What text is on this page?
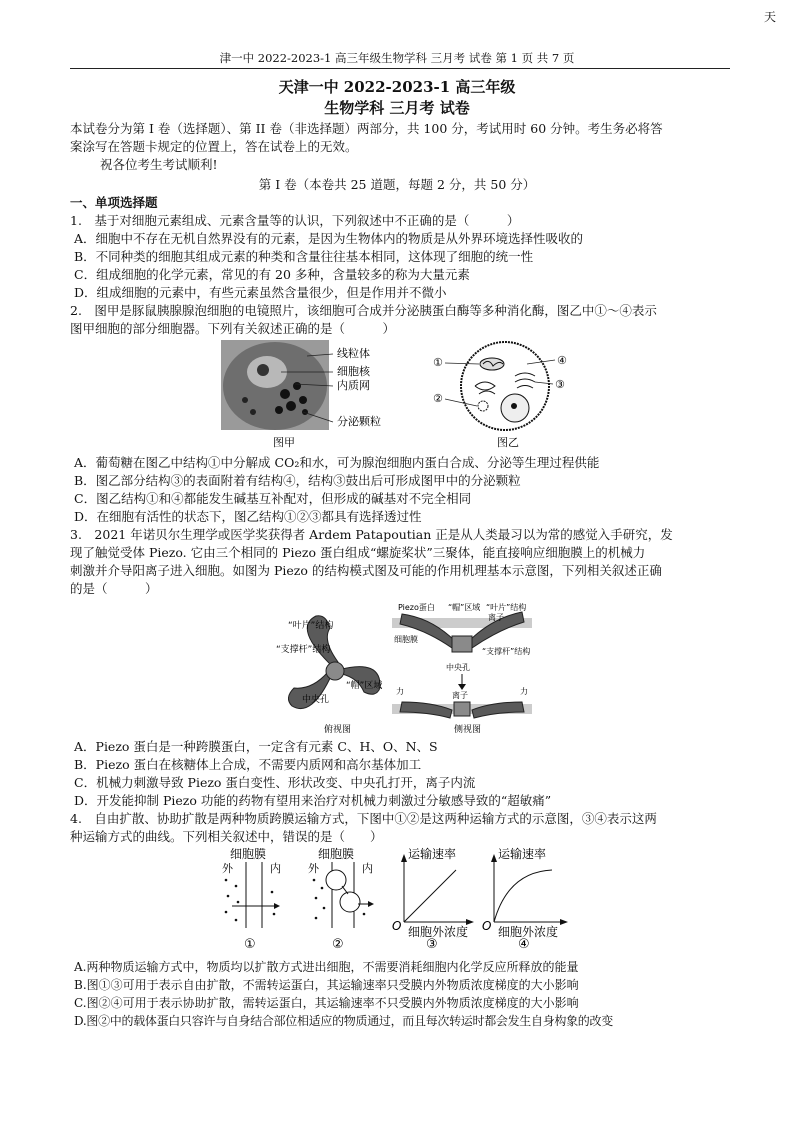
天
津一中 2022-2023-1 高三年级生物学科 三月考 试卷 第 1 页 共 7 页
天津一中 2022-2023-1 高三年级
生物学科 三月考 试卷
本试卷分为第 I 卷（选择题）、第 II 卷（非选择题）两部分，共 100 分，考试用时 60 分钟。考生务必将答
案涂写在答题卡规定的位置上，答在试卷上的无效。
祝各位考生考试顺利!
第 I 卷（本卷共 25 道题，每题 2 分，共 50 分）
一、单项选择题
1.　基于对细胞元素组成、元素含量等的认识，下列叙述中不正确的是（　　　）
A．细胞中不存在无机自然界没有的元素，是因为生物体内的物质是从外界环境选择性吸收的
B．不同种类的细胞其组成元素的种类和含量往往基本相同，这体现了细胞的统一性
C．组成细胞的化学元素，常见的有 20 多种，含量较多的称为大量元素
D．组成细胞的元素中，有些元素虽然含量很少，但是作用并不微小
2.　图甲是豚鼠胰腺腺泡细胞的电镜照片，该细胞可合成并分泌胰蛋白酶等多种消化酶，图乙中①～④表示
图甲细胞的部分细胞器。下列有关叙述正确的是（　　　）
线粒体
细胞核
内质网
分泌颗粒
图甲
①
②
③
④
图乙
A．葡萄糖在图乙中结构①中分解成 CO₂和水，可为腺泡细胞内蛋白合成、分泌等生理过程供能
B．图乙部分结构③的表面附着有结构④，结构③鼓出后可形成图甲中的分泌颗粒
C．图乙结构①和④都能发生碱基互补配对，但形成的碱基对不完全相同
D．在细胞有活性的状态下，图乙结构①②③都具有选择透过性
3.　2021 年诺贝尔生理学或医学奖获得者 Ardem Patapoutian 正是从人类最习以为常的感觉入手研究，发
现了触觉受体 Piezo. 它由三个相同的 Piezo 蛋白组成“螺旋桨状”三聚体，能直接响应细胞膜上的机械力
刺激并介导阳离子进入细胞。如图为 Piezo 的结构模式图及可能的作用机理基本示意图，下列相关叙述正确
的是（　　　）
“叶片”结构
“支撑杆”结构
“帽”区域
中央孔
俯视图
Piezo蛋白 “帽”区域 “叶片”结构
离子
细胞膜
“支撑杆”结构
中央孔
离子
力	力
侧视图
A．Piezo 蛋白是一种跨膜蛋白，一定含有元素 C、H、O、N、S
B．Piezo 蛋白在核糖体上合成，不需要内质网和高尔基体加工
C．机械力刺激导致 Piezo 蛋白变性、形状改变、中央孔打开，离子内流
D．开发能抑制 Piezo 功能的药物有望用来治疗对机械力刺激过分敏感导致的“超敏痛”
4.　自由扩散、协助扩散是两种物质跨膜运输方式，下图中①②是这两种运输方式的示意图，③④表示这两
种运输方式的曲线。下列相关叙述中，错误的是（　　）
细胞膜
外	内
①
细胞膜
外	内
②
运输速率
细胞外浓度
O
③
运输速率
细胞外浓度
O
④
A.两种物质运输方式中，物质均以扩散方式进出细胞，不需要消耗细胞内化学反应所释放的能量
B.图①③可用于表示自由扩散，不需转运蛋白，其运输速率只受膜内外物质浓度梯度的大小影响
C.图②④可用于表示协助扩散，需转运蛋白，其运输速率不只受膜内外物质浓度梯度的大小影响
D.图②中的载体蛋白只容许与自身结合部位相适应的物质通过，而且每次转运时都会发生自身构象的改变
